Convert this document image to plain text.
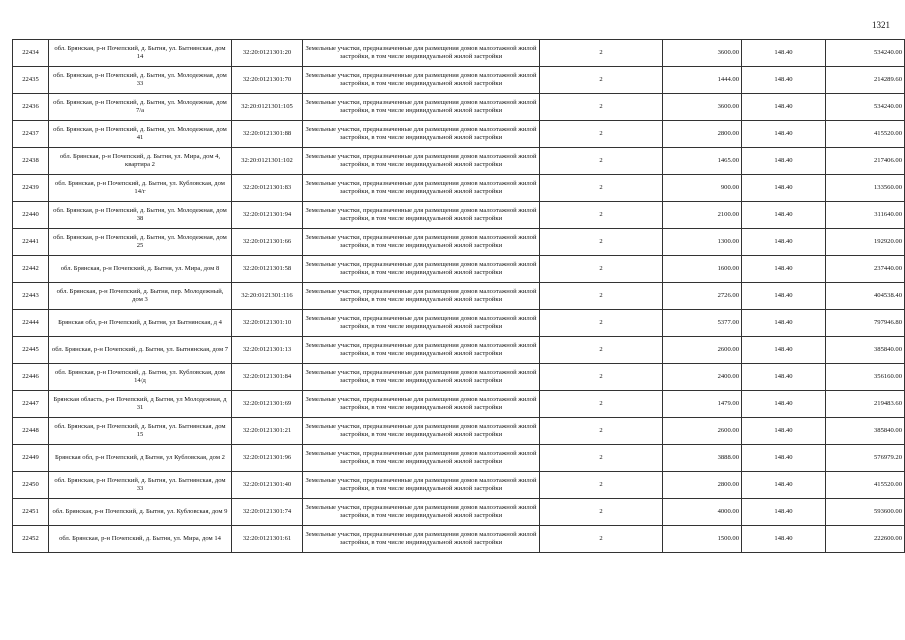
1321
22434	обл. Брянская, р-н Почепский, д. Бытня, ул. Бытнянская, дом 14	32:20:0121301:20	Земельные участки, предназначенные для размещения домов малоэтажной жилой застройки, в том числе индивидуальной жилой застройки	2	3600.00	148.40	534240.00
22435	обл. Брянская, р-н Почепский, д. Бытня, ул. Молодежная, дом 33	32:20:0121301:70	Земельные участки, предназначенные для размещения домов малоэтажной жилой застройки, в том числе индивидуальной жилой застройки	2	1444.00	148.40	214289.60
22436	обл. Брянская, р-н Почепский, д. Бытня, ул. Молодежная, дом 7/а	32:20:0121301:105	Земельные участки, предназначенные для размещения домов малоэтажной жилой застройки, в том числе индивидуальной жилой застройки	2	3600.00	148.40	534240.00
22437	обл. Брянская, р-н Почепский, д. Бытня, ул. Молодежная, дом 41	32:20:0121301:88	Земельные участки, предназначенные для размещения домов малоэтажной жилой застройки, в том числе индивидуальной жилой застройки	2	2800.00	148.40	415520.00
22438	обл. Брянская, р-н Почепский, д. Бытня, ул. Мира, дом 4, квартира 2	32:20:0121301:102	Земельные участки, предназначенные для размещения домов малоэтажной жилой застройки, в том числе индивидуальной жилой застройки	2	1465.00	148.40	217406.00
22439	обл. Брянская, р-н Почепский, д. Бытня, ул. Кубловская, дом 14/г	32:20:0121301:83	Земельные участки, предназначенные для размещения домов малоэтажной жилой застройки, в том числе индивидуальной жилой застройки	2	900.00	148.40	133560.00
22440	обл. Брянская, р-н Почепский, д. Бытня, ул. Молодежная, дом 38	32:20:0121301:94	Земельные участки, предназначенные для размещения домов малоэтажной жилой застройки, в том числе индивидуальной жилой застройки	2	2100.00	148.40	311640.00
22441	обл. Брянская, р-н Почепский, д. Бытня, ул. Молодежная, дом 25	32:20:0121301:66	Земельные участки, предназначенные для размещения домов малоэтажной жилой застройки, в том числе индивидуальной жилой застройки	2	1300.00	148.40	192920.00
22442	обл. Брянская, р-н Почепский, д. Бытня, ул. Мира, дом 8	32:20:0121301:58	Земельные участки, предназначенные для размещения домов малоэтажной жилой застройки, в том числе индивидуальной жилой застройки	2	1600.00	148.40	237440.00
22443	обл. Брянская, р-н Почепский, д. Бытня, пер. Молодежный, дом 3	32:20:0121301:116	Земельные участки, предназначенные для размещения домов малоэтажной жилой застройки, в том числе индивидуальной жилой застройки	2	2726.00	148.40	404538.40
22444	Брянская обл, р-н Почепский, д Бытня, ул Бытнянская, д 4	32:20:0121301:10	Земельные участки, предназначенные для размещения домов малоэтажной жилой застройки, в том числе индивидуальной жилой застройки	2	5377.00	148.40	797946.80
22445	обл. Брянская, р-н Почепский, д. Бытня, ул. Бытнянская, дом 7	32:20:0121301:13	Земельные участки, предназначенные для размещения домов малоэтажной жилой застройки, в том числе индивидуальной жилой застройки	2	2600.00	148.40	385840.00
22446	обл. Брянская, р-н Почепский, д. Бытня, ул. Кубловская, дом 14/д	32:20:0121301:84	Земельные участки, предназначенные для размещения домов малоэтажной жилой застройки, в том числе индивидуальной жилой застройки	2	2400.00	148.40	356160.00
22447	Брянская область, р-н Почепский, д Бытня, ул Молодежная, д 31	32:20:0121301:69	Земельные участки, предназначенные для размещения домов малоэтажной жилой застройки, в том числе индивидуальной жилой застройки	2	1479.00	148.40	219483.60
22448	обл. Брянская, р-н Почепский, д. Бытня, ул. Бытнянская, дом 15	32:20:0121301:21	Земельные участки, предназначенные для размещения домов малоэтажной жилой застройки, в том числе индивидуальной жилой застройки	2	2600.00	148.40	385840.00
22449	Брянская обл, р-н Почепский, д Бытня, ул Кубловская, дом 2	32:20:0121301:96	Земельные участки, предназначенные для размещения домов малоэтажной жилой застройки, в том числе индивидуальной жилой застройки	2	3888.00	148.40	576979.20
22450	обл. Брянская, р-н Почепский, д. Бытня, ул. Бытнянская, дом 33	32:20:0121301:40	Земельные участки, предназначенные для размещения домов малоэтажной жилой застройки, в том числе индивидуальной жилой застройки	2	2800.00	148.40	415520.00
22451	обл. Брянская, р-н Почепский, д. Бытня, ул. Кубловская, дом 9	32:20:0121301:74	Земельные участки, предназначенные для размещения домов малоэтажной жилой застройки, в том числе индивидуальной жилой застройки	2	4000.00	148.40	593600.00
22452	обл. Брянская, р-н Почепский, д. Бытня, ул. Мира, дом 14	32:20:0121301:61	Земельные участки, предназначенные для размещения домов малоэтажной жилой застройки, в том числе индивидуальной жилой застройки	2	1500.00	148.40	222600.00
